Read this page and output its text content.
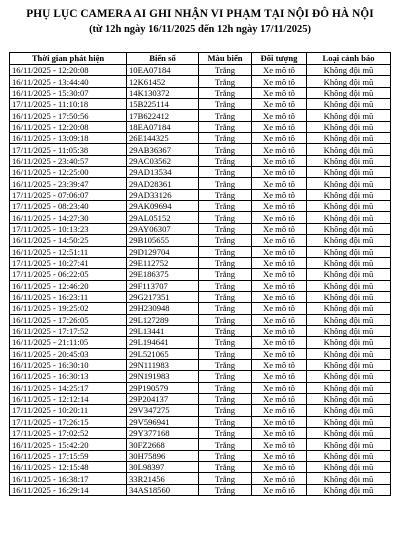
PHỤ LỤC CAMERA AI GHI NHẬN VI PHẠM TẠI NỘI ĐÔ HÀ NỘI
(từ 12h ngày 16/11/2025 đến 12h ngày 17/11/2025)
Thời gian phát hiện	Biển số	Màu biển	Đối tượng	Loại cảnh báo
16/11/2025 - 12:20:08	10EA07184	Trắng	Xe mô tô	Không đội mũ
16/11/2025 - 13:44:40	12K61452	Trắng	Xe mô tô	Không đội mũ
16/11/2025 - 15:30:07	14K130372	Trắng	Xe mô tô	Không đội mũ
17/11/2025 - 11:10:18	15B225114	Trắng	Xe mô tô	Không đội mũ
16/11/2025 - 17:50:56	17B622412	Trắng	Xe mô tô	Không đội mũ
16/11/2025 - 12:20:08	18EA07184	Trắng	Xe mô tô	Không đội mũ
16/11/2025 - 13:09:18	26E144325	Trắng	Xe mô tô	Không đội mũ
17/11/2025 - 11:05:38	29AB36367	Trắng	Xe mô tô	Không đội mũ
16/11/2025 - 23:40:57	29AC03562	Trắng	Xe mô tô	Không đội mũ
16/11/2025 - 12:25:00	29AD13534	Trắng	Xe mô tô	Không đội mũ
16/11/2025 - 23:39:47	29AD28361	Trắng	Xe mô tô	Không đội mũ
17/11/2025 - 07:06:07	29AD33126	Trắng	Xe mô tô	Không đội mũ
17/11/2025 - 08:23:40	29AK09694	Trắng	Xe mô tô	Không đội mũ
16/11/2025 - 14:27:30	29AL05152	Trắng	Xe mô tô	Không đội mũ
17/11/2025 - 10:13:23	29AY06307	Trắng	Xe mô tô	Không đội mũ
16/11/2025 - 14:50:25	29B105655	Trắng	Xe mô tô	Không đội mũ
16/11/2025 - 12:51:11	29D129704	Trắng	Xe mô tô	Không đội mũ
17/11/2025 - 10:27:41	29E112752	Trắng	Xe mô tô	Không đội mũ
17/11/2025 - 06:22:05	29E186375	Trắng	Xe mô tô	Không đội mũ
16/11/2025 - 12:46:20	29F113707	Trắng	Xe mô tô	Không đội mũ
16/11/2025 - 16:23:11	29G217351	Trắng	Xe mô tô	Không đội mũ
16/11/2025 - 19:25:02	29H230948	Trắng	Xe mô tô	Không đội mũ
16/11/2025 - 17:26:05	29L127289	Trắng	Xe mô tô	Không đội mũ
16/11/2025 - 17:17:52	29L13441	Trắng	Xe mô tô	Không đội mũ
16/11/2025 - 21:11:05	29L194641	Trắng	Xe mô tô	Không đội mũ
16/11/2025 - 20:45:03	29L521065	Trắng	Xe mô tô	Không đội mũ
16/11/2025 - 16:30:10	29N111983	Trắng	Xe mô tô	Không đội mũ
16/11/2025 - 16:30:13	29N191983	Trắng	Xe mô tô	Không đội mũ
16/11/2025 - 14:25:17	29P190579	Trắng	Xe mô tô	Không đội mũ
16/11/2025 - 12:12:14	29P204137	Trắng	Xe mô tô	Không đội mũ
17/11/2025 - 10:20:11	29V347275	Trắng	Xe mô tô	Không đội mũ
17/11/2025 - 17:26:15	29V596941	Trắng	Xe mô tô	Không đội mũ
17/11/2025 - 17:02:52	29Y377168	Trắng	Xe mô tô	Không đội mũ
16/11/2025 - 15:42:20	30FZ2668	Trắng	Xe mô tô	Không đội mũ
16/11/2025 - 17:15:59	30H75896	Trắng	Xe mô tô	Không đội mũ
16/11/2025 - 12:15:48	30L98397	Trắng	Xe mô tô	Không đội mũ
16/11/2025 - 16:38:17	33R21456	Trắng	Xe mô tô	Không đội mũ
16/11/2025 - 16:29:14	34AS18560	Trắng	Xe mô tô	Không đội mũ
